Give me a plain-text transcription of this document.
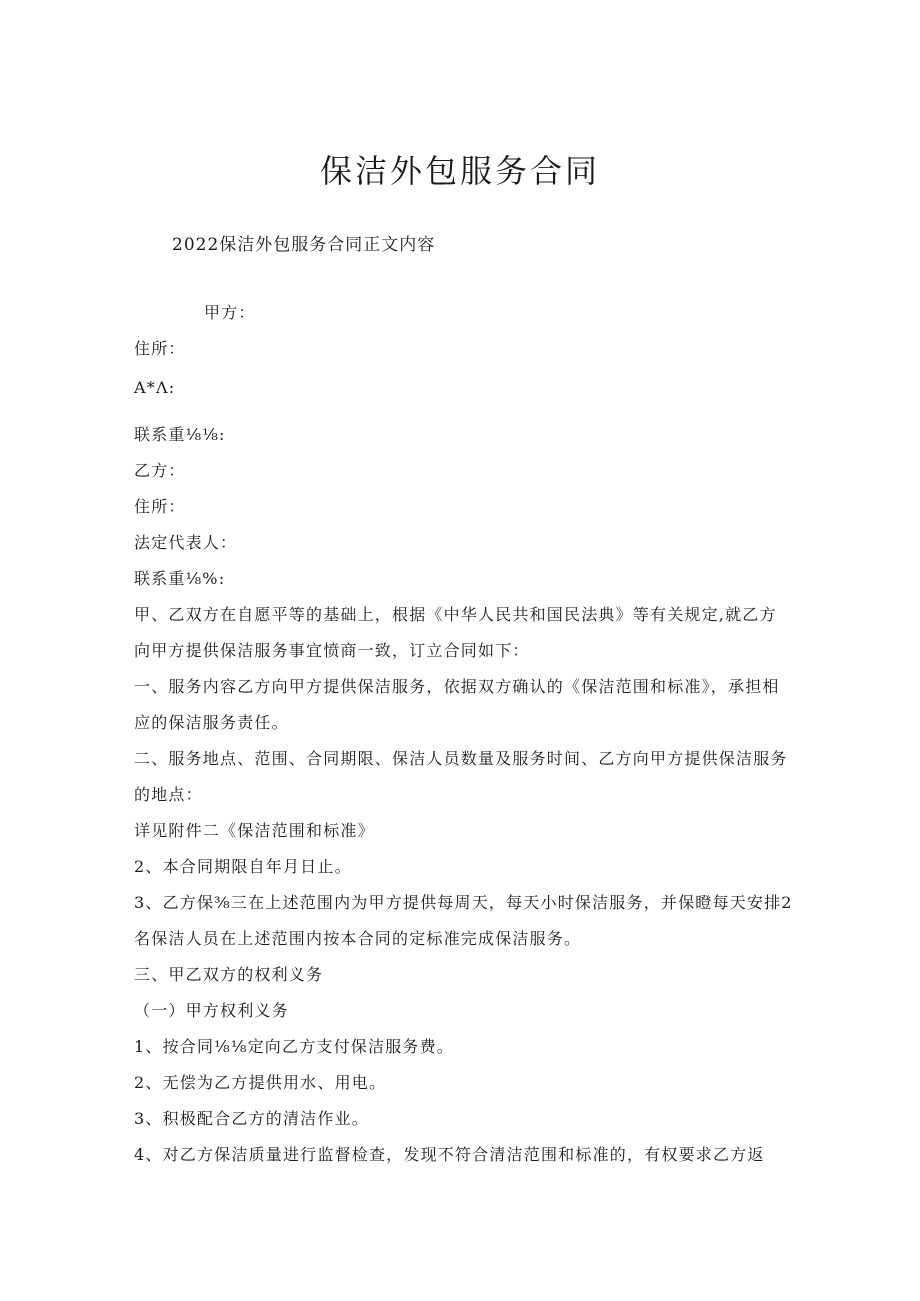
保洁外包服务合同
2022保洁外包服务合同正文内容
甲方：
住所：
A*Λ:
联系重⅛⅛:
乙方：
住所：
法定代表人：
联系重⅛%:
甲、乙双方在自愿平等的基础上，根据《中华人民共和国民法典》等有关规定,就乙方
向甲方提供保洁服务事宜愤商一致，订立合同如下：
一、服务内容乙方向甲方提供保洁服务，依据双方确认的《保洁范围和标准》，承担相
应的保洁服务责任。
二、服务地点、范围、合同期限、保洁人员数量及服务时间、乙方向甲方提供保洁服务
的地点：
详见附件二《保洁范围和标准》
2、本合同期限自年月日止。
3、乙方保⅜三在上述范围内为甲方提供每周天，每天小时保洁服务，并保瞪每天安排2
名保洁人员在上述范围内按本合同的定标准完成保洁服务。
三、甲乙双方的权利义务
（一）甲方权利义务
1、按合同⅛⅛定向乙方支付保洁服务费。
2、无偿为乙方提供用水、用电。
3、积极配合乙方的清洁作业。
4、对乙方保洁质量进行监督检查，发现不符合清洁范围和标准的，有权要求乙方返
